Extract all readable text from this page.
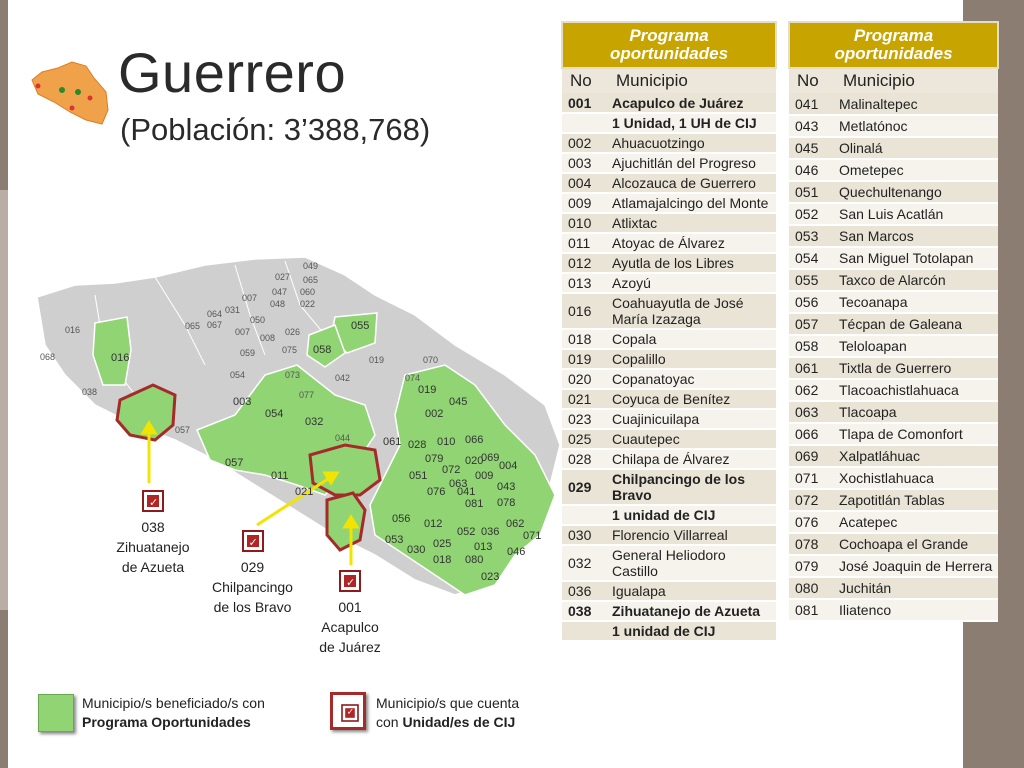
Guerrero
(Población: 3’388,768)
049
027 065
047 060
007
048
031
022
064
050
065 067
007	026
016
068
038
057
054
075
042
019	070
074
073
077
044
059
008
016
055
058
019
045
003
054
032
002
061 028 010 066
057
011
079 020
069
004
051 072 009
063	043
021	076 041
078
081
056 012
052 036
062
071
053	025 013 046
030
018 080
023
✓
038
Zihuatanejo
de Azueta
✓	029
Chilpancingo
de los Bravo
✓	001
Acapulco
de Juárez
Municipio/s beneficiado/s con
Programa Oportunidades
✓
Municipio/s que cuenta
con Unidad/es de CIJ
Programa
oportunidades	
No	Municipio
001	Acapulco de Juárez
	1 Unidad, 1 UH de CIJ
002	Ahuacuotzingo
003	Ajuchitlán del Progreso
004	Alcozauca de Guerrero
009	Atlamajalcingo del Monte
010	Atlixtac
011	Atoyac de Álvarez
012	Ayutla de los Libres
013	Azoyú
016	Coahuayutla de José María Izazaga
018	Copala
019	Copalillo
020	Copanatoyac
021	Coyuca de Benítez
023	Cuajinicuilapa
025	Cuautepec
028	Chilapa de Álvarez
029	Chilpancingo de los Bravo
	1 unidad de CIJ
030	Florencio Villarreal
032	General Heliodoro Castillo
036	Igualapa
038	Zihuatanejo de Azueta
	1 unidad de CIJ
Programa
oportunidades	
No	Municipio
041	Malinaltepec
043	Metlatónoc
045	Olinalá
046	Ometepec
051	Quechultenango
052	San Luis Acatlán
053	San Marcos
054	San Miguel Totolapan
055	Taxco de Alarcón
056	Tecoanapa
057	Técpan de Galeana
058	Teloloapan
061	Tixtla de Guerrero
062	Tlacoachistlahuaca
063	Tlacoapa
066	Tlapa de Comonfort
069	Xalpatláhuac
071	Xochistlahuaca
072	Zapotitlán Tablas
076	Acatepec
078	Cochoapa el Grande
079	José Joaquin de Herrera
080	Juchitán
081	Iliatenco
